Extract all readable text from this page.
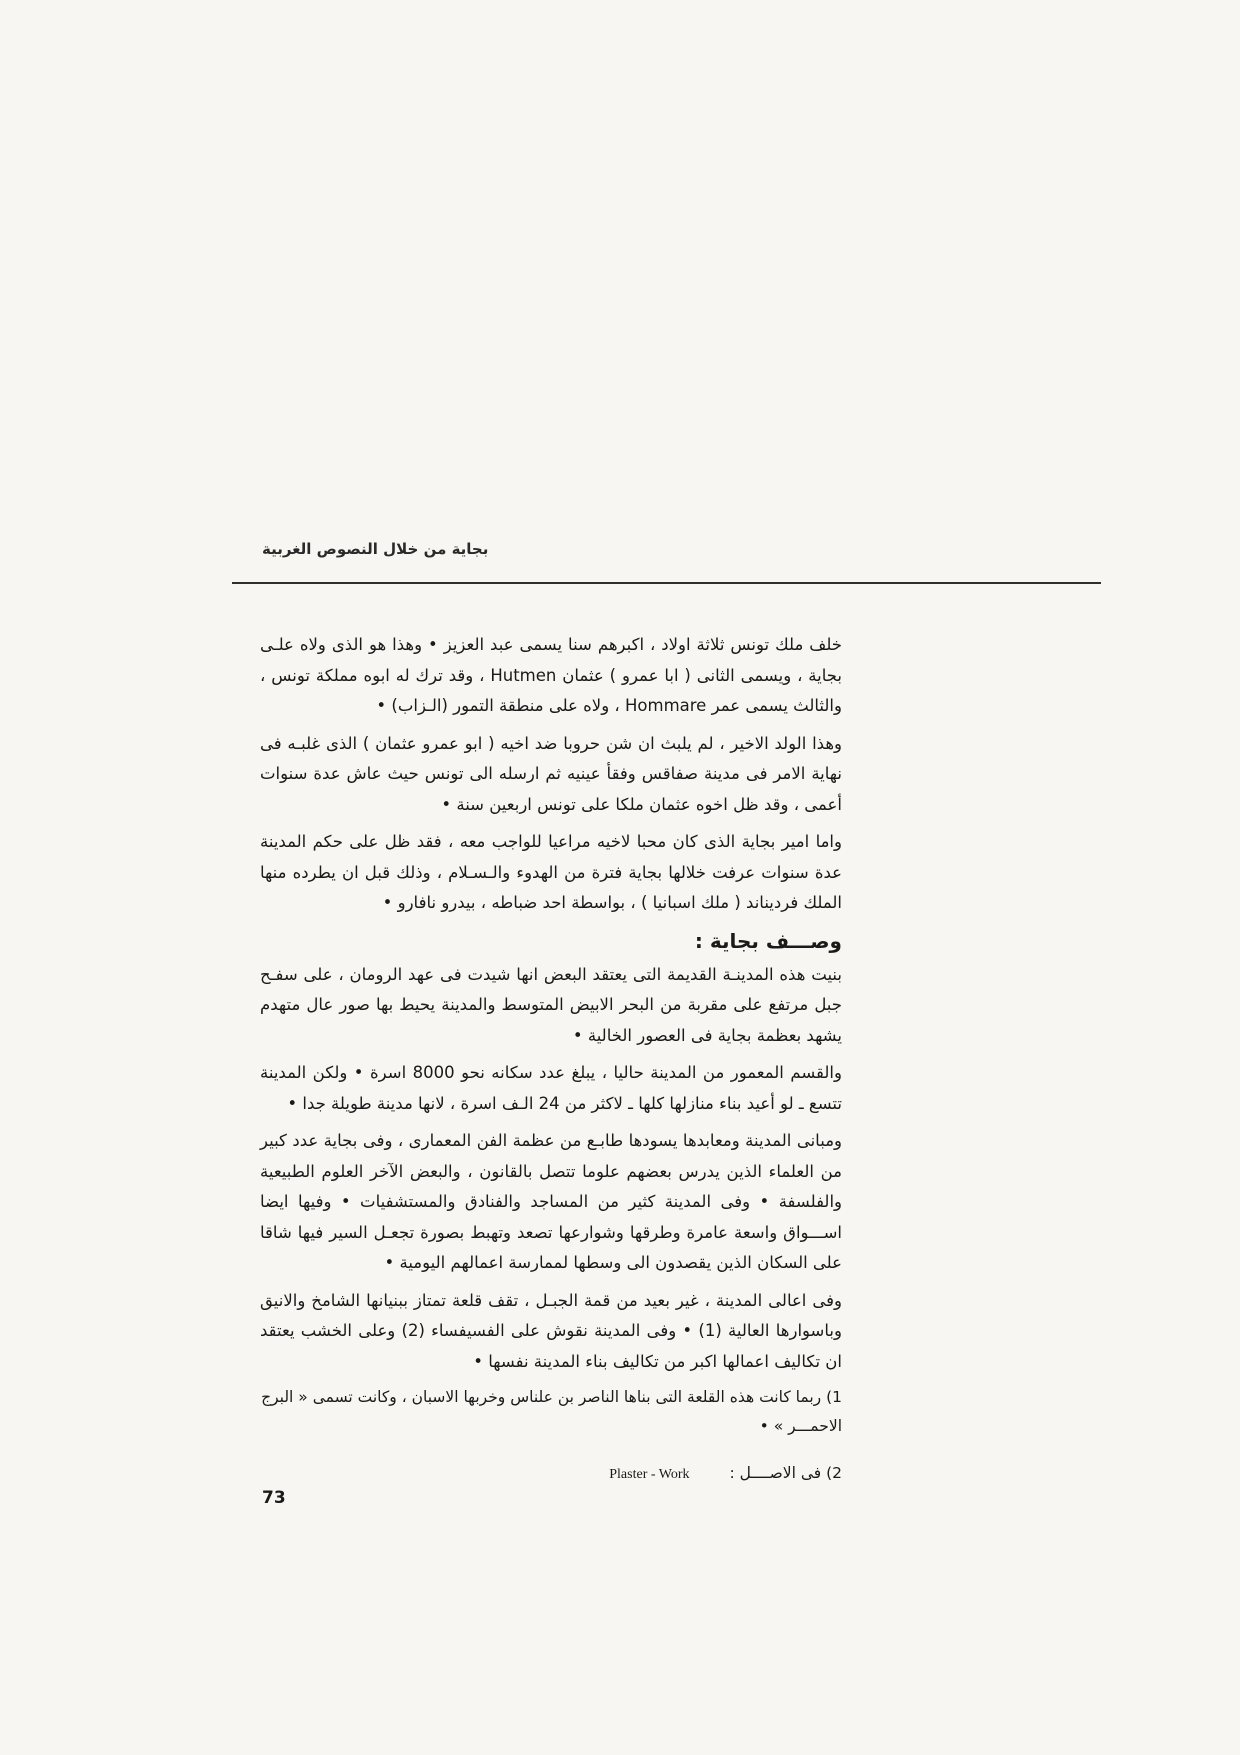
بجاية من خلال النصوص الغربية

خلف ملك تونس ثلاثة اولاد ، اكبرهم سنا يسمى عبد العزيز • وهذا هو الذى ولاه علـى بجاية ، ويسمى الثانى ( ابا عمرو ) عثمان Hutmen ، وقد ترك له ابوه مملكة تونس ، والثالث يسمى عمر Hommare ، ولاه على منطقة التمور (الـزاب) •

وهذا الولد الاخير ، لم يلبث ان شن حروبا ضد اخيه ( ابو عمرو عثمان ) الذى غلبـه فى نهاية الامر فى مدينة صفاقس وفقأ عينيه ثم ارسله الى تونس حيث عاش عدة سنوات أعمى ، وقد ظل اخوه عثمان ملكا على تونس اربعين سنة •

واما امير بجاية الذى كان محبا لاخيه مراعيا للواجب معه ، فقد ظل على حكم المدينة عدة سنوات عرفت خلالها بجاية فترة من الهدوء والـسـلام ، وذلك قبل ان يطرده منها الملك فرديناند ( ملك اسبانيا ) ، بواسطة احد ضباطه ، بيدرو نافارو •

وصـــف بجاية :

بنيت هذه المدينـة القديمة التى يعتقد البعض انها شيدت فى عهد الرومان ، على سفـح جبل مرتفع على مقربة من البحر الابيض المتوسط والمدينة يحيط بها صور عال متهدم يشهد بعظمة بجاية فى العصور الخالية •

والقسم المعمور من المدينة حاليا ، يبلغ عدد سكانه نحو 8000 اسرة • ولكن المدينة تتسع ـ لو أعيد بناء منازلها كلها ـ لاكثر من 24 الـف اسرة ، لانها مدينة طويلة جدا •

ومبانى المدينة ومعابدها يسودها طابـع من عظمة الفن المعمارى ، وفى بجاية عدد كبير من العلماء الذين يدرس بعضهم علوما تتصل بالقانون ، والبعض الآخر العلوم الطبيعية والفلسفة • وفى المدينة كثير من المساجد والفنادق والمستشفيات • وفيها ايضا اســـواق واسعة عامرة وطرقها وشوارعها تصعد وتهبط بصورة تجعـل السير فيها شاقا على السكان الذين يقصدون الى وسطها لممارسة اعمالهم اليومية •

وفى اعالى المدينة ، غير بعيد من قمة الجبـل ، تقف قلعة تمتاز ببنيانها الشامخ والانيق وباسوارها العالية (1) • وفى المدينة نقوش على الفسيفساء (2) وعلى الخشب يعتقد ان تكاليف اعمالها اكبر من تكاليف بناء المدينة نفسها •

1) ربما كانت هذه القلعة التى بناها الناصر بن علناس وخربها الاسبان ، وكانت تسمى « البرج الاحمـــر » •

2) فى الاصــــل :
Plaster - Work
73
